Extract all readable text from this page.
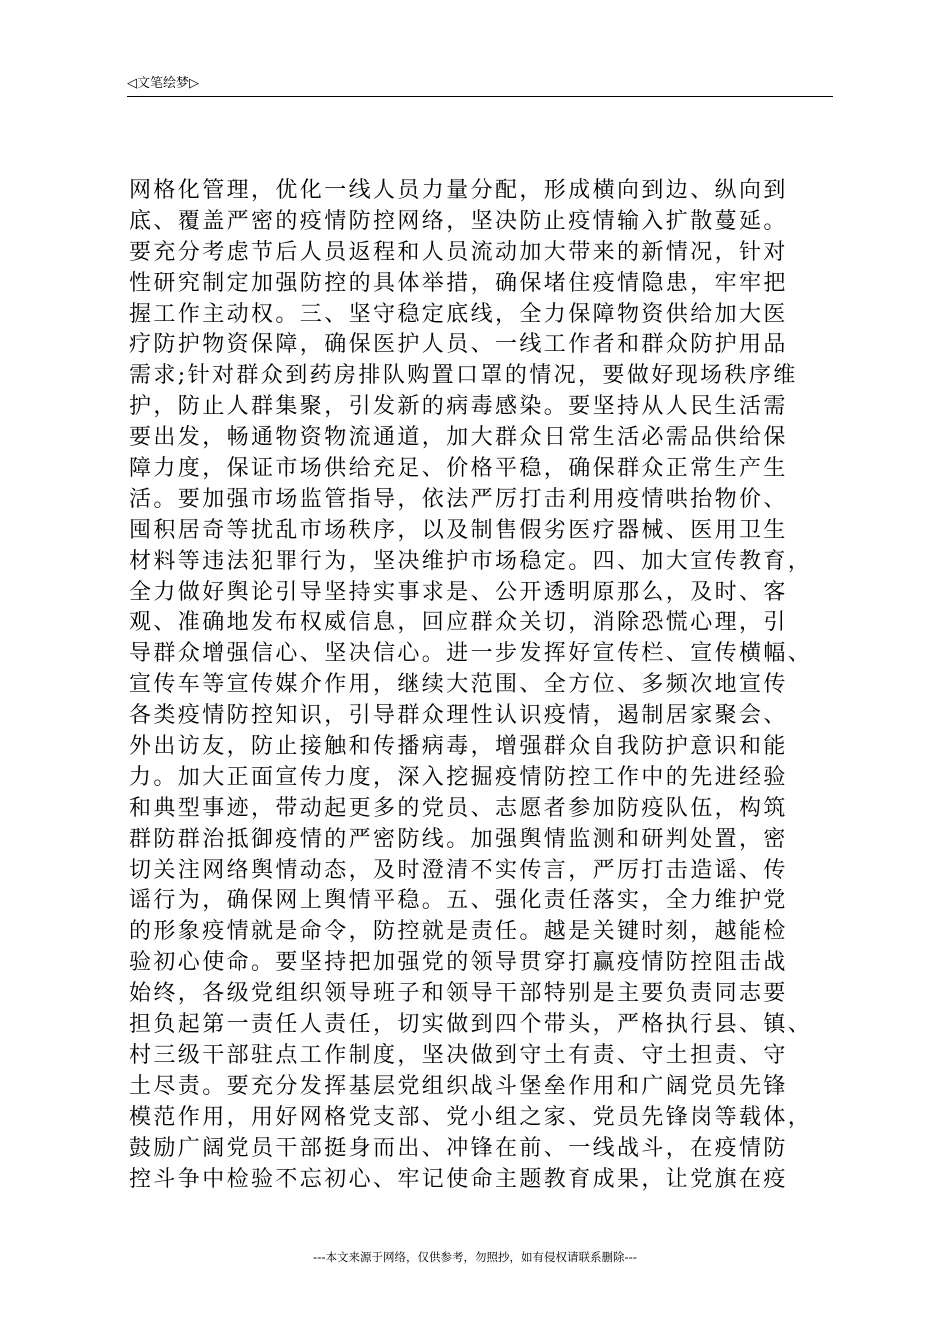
◁文笔绘梦▷
网格化管理，优化一线人员力量分配，形成横向到边、纵向到
底、覆盖严密的疫情防控网络，坚决防止疫情输入扩散蔓延。
要充分考虑节后人员返程和人员流动加大带来的新情况，针对
性研究制定加强防控的具体举措，确保堵住疫情隐患，牢牢把
握工作主动权。三、坚守稳定底线，全力保障物资供给加大医
疗防护物资保障，确保医护人员、一线工作者和群众防护用品
需求;针对群众到药房排队购置口罩的情况，要做好现场秩序维
护，防止人群集聚，引发新的病毒感染。要坚持从人民生活需
要出发，畅通物资物流通道，加大群众日常生活必需品供给保
障力度，保证市场供给充足、价格平稳，确保群众正常生产生
活。要加强市场监管指导，依法严厉打击利用疫情哄抬物价、
囤积居奇等扰乱市场秩序，以及制售假劣医疗器械、医用卫生
材料等违法犯罪行为，坚决维护市场稳定。四、加大宣传教育，
全力做好舆论引导坚持实事求是、公开透明原那么，及时、客
观、准确地发布权威信息，回应群众关切，消除恐慌心理，引
导群众增强信心、坚决信心。进一步发挥好宣传栏、宣传横幅、
宣传车等宣传媒介作用，继续大范围、全方位、多频次地宣传
各类疫情防控知识，引导群众理性认识疫情，遏制居家聚会、
外出访友，防止接触和传播病毒，增强群众自我防护意识和能
力。加大正面宣传力度，深入挖掘疫情防控工作中的先进经验
和典型事迹，带动起更多的党员、志愿者参加防疫队伍，构筑
群防群治抵御疫情的严密防线。加强舆情监测和研判处置，密
切关注网络舆情动态，及时澄清不实传言，严厉打击造谣、传
谣行为，确保网上舆情平稳。五、强化责任落实，全力维护党
的形象疫情就是命令，防控就是责任。越是关键时刻，越能检
验初心使命。要坚持把加强党的领导贯穿打赢疫情防控阻击战
始终，各级党组织领导班子和领导干部特别是主要负责同志要
担负起第一责任人责任，切实做到四个带头，严格执行县、镇、
村三级干部驻点工作制度，坚决做到守土有责、守土担责、守
土尽责。要充分发挥基层党组织战斗堡垒作用和广阔党员先锋
模范作用，用好网格党支部、党小组之家、党员先锋岗等载体，
鼓励广阔党员干部挺身而出、冲锋在前、一线战斗，在疫情防
控斗争中检验不忘初心、牢记使命主题教育成果，让党旗在疫
---本文来源于网络，仅供参考，勿照抄，如有侵权请联系删除---
